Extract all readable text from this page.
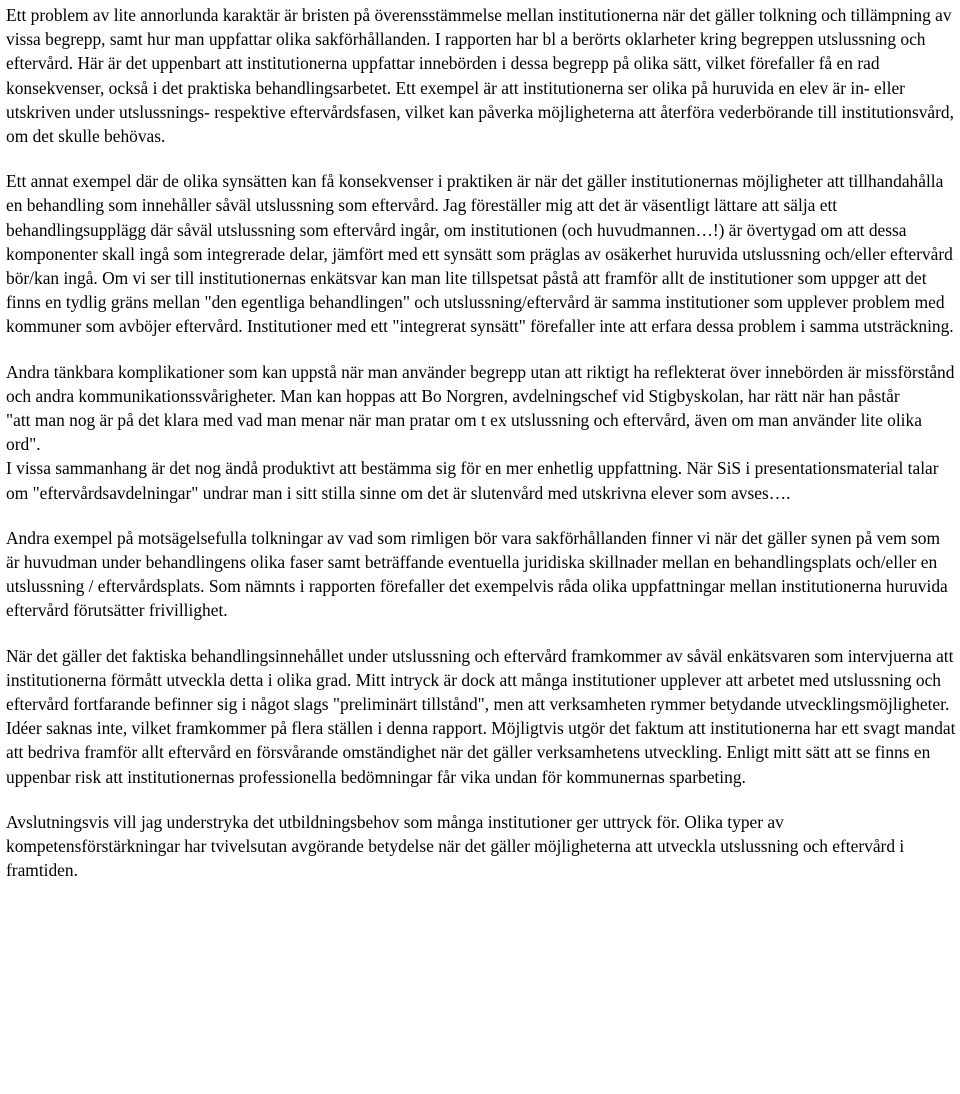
Ett problem av lite annorlunda karaktär är bristen på överensstämmelse mellan institutionerna när det gäller tolkning och tillämpning av vissa begrepp, samt hur man uppfattar olika sakförhållanden. I rapporten har bl a berörts oklarheter kring begreppen utslussning och eftervård. Här är det uppenbart att institutionerna uppfattar innebörden i dessa begrepp på olika sätt, vilket förefaller få en rad konsekvenser, också i det praktiska behandlingsarbetet. Ett exempel är att institutionerna ser olika på huruvida en elev är in- eller utskriven under utslussnings- respektive eftervårdsfasen, vilket kan påverka möjligheterna att återföra vederbörande till institutionsvård, om det skulle behövas.

Ett annat exempel där de olika synsätten kan få konsekvenser i praktiken är när det gäller institutionernas möjligheter att tillhandahålla en behandling som innehåller såväl utslussning som eftervård. Jag föreställer mig att det är väsentligt lättare att sälja ett behandlingsupplägg där såväl utslussning som eftervård ingår, om institutionen (och huvudmannen…!) är övertygad om att dessa komponenter skall ingå som integrerade delar, jämfört med ett synsätt som präglas av osäkerhet huruvida utslussning och/eller eftervård bör/kan ingå. Om vi ser till institutionernas enkätsvar kan man lite tillspetsat påstå att framför allt de institutioner som uppger att det finns en tydlig gräns mellan "den egentliga behandlingen" och utslussning/eftervård är samma institutioner som upplever problem med kommuner som avböjer eftervård. Institutioner med ett "integrerat synsätt" förefaller inte att erfara dessa problem i samma utsträckning.

Andra tänkbara komplikationer som kan uppstå när man använder begrepp utan att riktigt ha reflekterat över innebörden är missförstånd och andra kommunikationssvårigheter. Man kan hoppas att Bo Norgren, avdelningschef vid Stigbyskolan, har rätt när han påstår
"att man nog är på det klara med vad man menar när man pratar om t ex utslussning och eftervård, även om man använder lite olika ord".
I vissa sammanhang är det nog ändå produktivt att bestämma sig för en mer enhetlig uppfattning. När SiS i presentationsmaterial talar om "eftervårdsavdelningar" undrar man i sitt stilla sinne om det är slutenvård med utskrivna elever som avses….

Andra exempel på motsägelsefulla tolkningar av vad som rimligen bör vara sakförhållanden finner vi när det gäller synen på vem som är huvudman under behandlingens olika faser samt beträffande eventuella juridiska skillnader mellan en behandlingsplats och/eller en utslussning / eftervårdsplats. Som nämnts i rapporten förefaller det exempelvis råda olika uppfattningar mellan institutionerna huruvida eftervård förutsätter frivillighet.

När det gäller det faktiska behandlingsinnehållet under utslussning och eftervård framkommer av såväl enkätsvaren som intervjuerna att institutionerna förmått utveckla detta i olika grad. Mitt intryck är dock att många institutioner upplever att arbetet med utslussning och eftervård fortfarande befinner sig i något slags "preliminärt tillstånd", men att verksamheten rymmer betydande utvecklingsmöjligheter. Idéer saknas inte, vilket framkommer på flera ställen i denna rapport. Möjligtvis utgör det faktum att institutionerna har ett svagt mandat att bedriva framför allt eftervård en försvårande omständighet när det gäller verksamhetens utveckling. Enligt mitt sätt att se finns en uppenbar risk att institutionernas professionella bedömningar får vika undan för kommunernas sparbeting.

Avslutningsvis vill jag understryka det utbildningsbehov som många institutioner ger uttryck för. Olika typer av kompetensförstärkningar har tvivelsutan avgörande betydelse när det gäller möjligheterna att utveckla utslussning och eftervård i framtiden.
